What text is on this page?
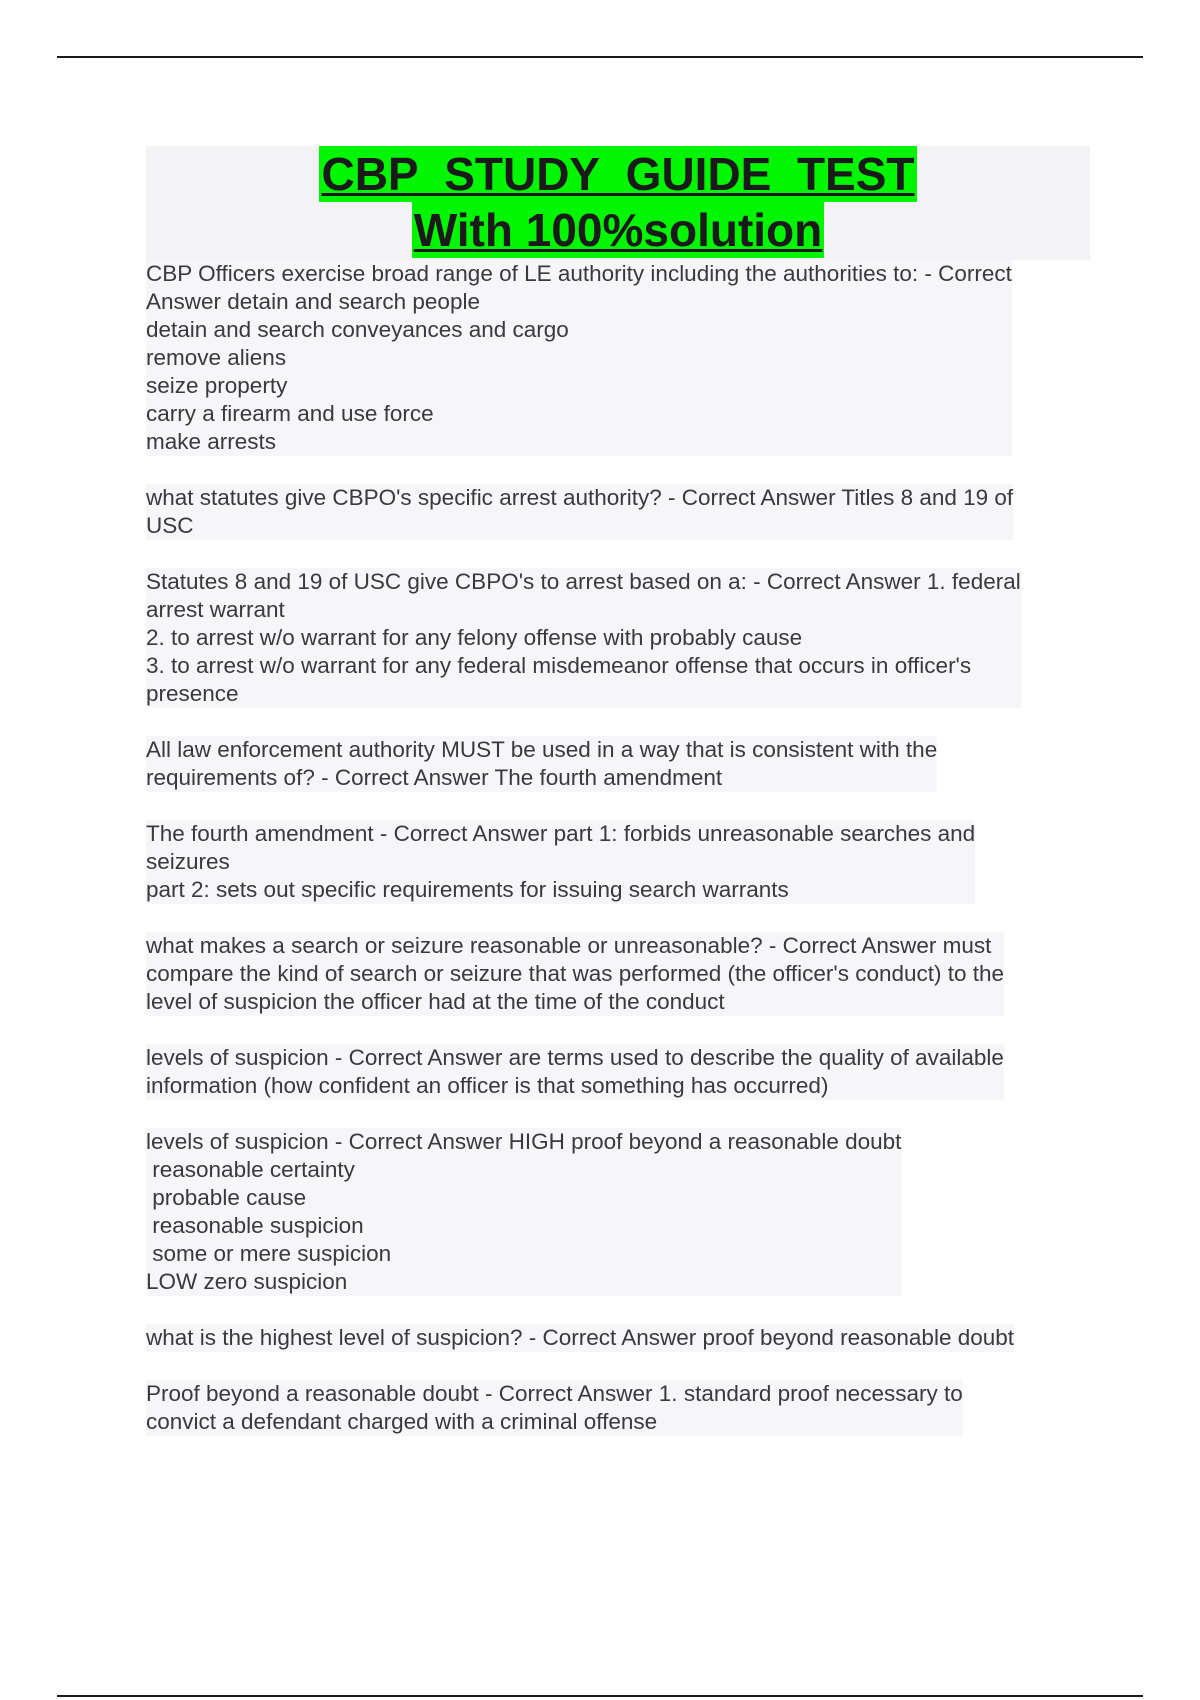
CBP_STUDY_GUIDE_TEST
With 100%solution
CBP Officers exercise broad range of LE authority including the authorities to: - Correct
Answer detain and search people
detain and search conveyances and cargo
remove aliens
seize property
carry a firearm and use force
make arrests
what statutes give CBPO's specific arrest authority? - Correct Answer Titles 8 and 19 of
USC
Statutes 8 and 19 of USC give CBPO's to arrest based on a: - Correct Answer 1. federal
arrest warrant
2. to arrest w/o warrant for any felony offense with probably cause
3. to arrest w/o warrant for any federal misdemeanor offense that occurs in officer's
presence
All law enforcement authority MUST be used in a way that is consistent with the
requirements of? - Correct Answer The fourth amendment
The fourth amendment - Correct Answer part 1: forbids unreasonable searches and
seizures
part 2: sets out specific requirements for issuing search warrants
what makes a search or seizure reasonable or unreasonable? - Correct Answer must
compare the kind of search or seizure that was performed (the officer's conduct) to the
level of suspicion the officer had at the time of the conduct
levels of suspicion - Correct Answer are terms used to describe the quality of available
information (how confident an officer is that something has occurred)
levels of suspicion - Correct Answer HIGH proof beyond a reasonable doubt
reasonable certainty
probable cause
reasonable suspicion
some or mere suspicion
LOW zero suspicion
what is the highest level of suspicion? - Correct Answer proof beyond reasonable doubt
Proof beyond a reasonable doubt - Correct Answer 1. standard proof necessary to
convict a defendant charged with a criminal offense
